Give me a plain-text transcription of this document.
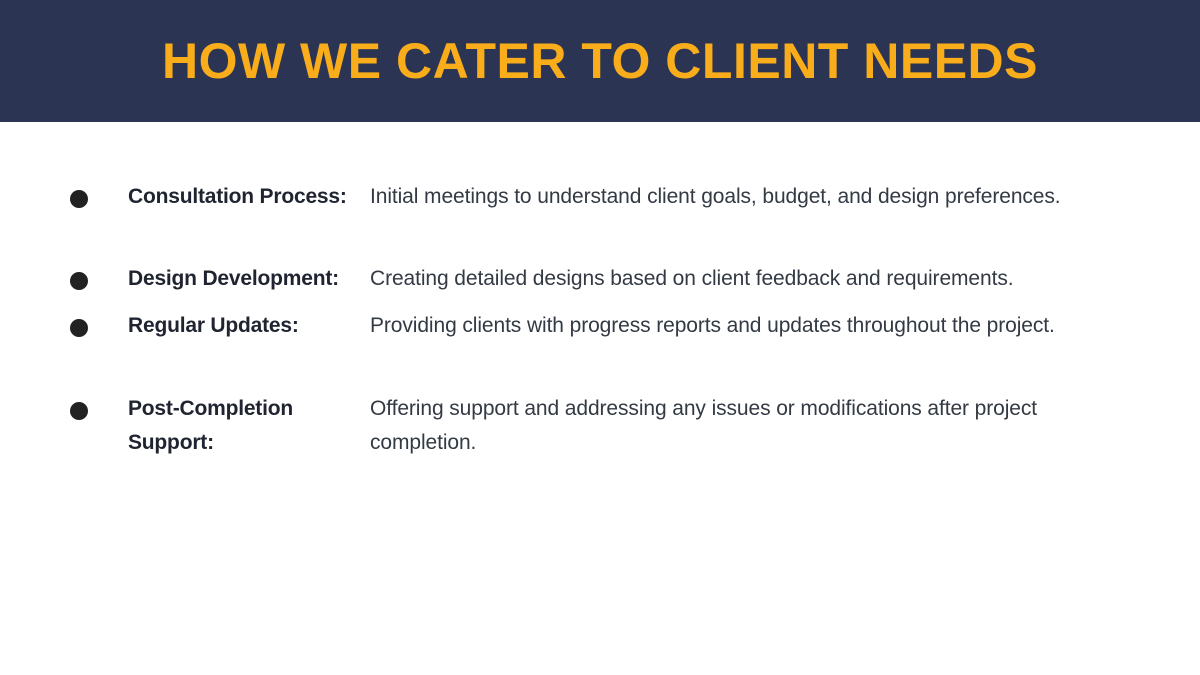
HOW WE CATER TO CLIENT NEEDS
Consultation Process:	Initial meetings to understand client goals, budget, and design preferences.
Design Development:	Creating detailed designs based on client feedback and requirements.
Regular Updates:	Providing clients with progress reports and updates throughout the project.
Post-Completion Support:
Offering support and addressing any issues or modifications after project completion.
